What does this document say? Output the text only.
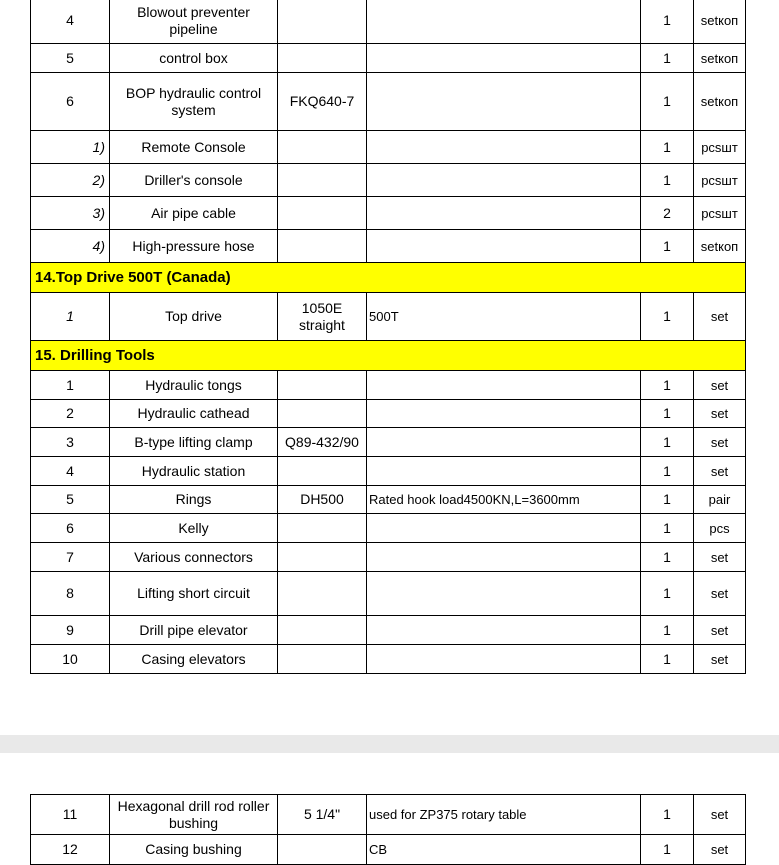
4	Blowout preventer pipeline			1	setкоп
5	control box			1	setкоп
6	BOP hydraulic control system	FKQ640-7		1	setкоп
1)	Remote Console			1	pcsшт
2)	Driller's console			1	pcsшт
3)	Air pipe cable			2	pcsшт
4)	High-pressure hose			1	setкоп
14.Top Drive 500T (Canada)					
1	Top drive	1050E straight	500T	1	set
15. Drilling Tools					
1	Hydraulic tongs			1	set
2	Hydraulic cathead			1	set
3	B-type lifting clamp	Q89-432/90		1	set
4	Hydraulic station			1	set
5	Rings	DH500	Rated hook load4500KN,L=3600mm	1	pair
6	Kelly			1	pcs
7	Various connectors			1	set
8	Lifting short circuit			1	set
9	Drill pipe elevator			1	set
10	Casing elevators			1	set
11	Hexagonal drill rod roller bushing	5 1/4"	used for ZP375 rotary table	1	set
12	Casing bushing		CB	1	set
